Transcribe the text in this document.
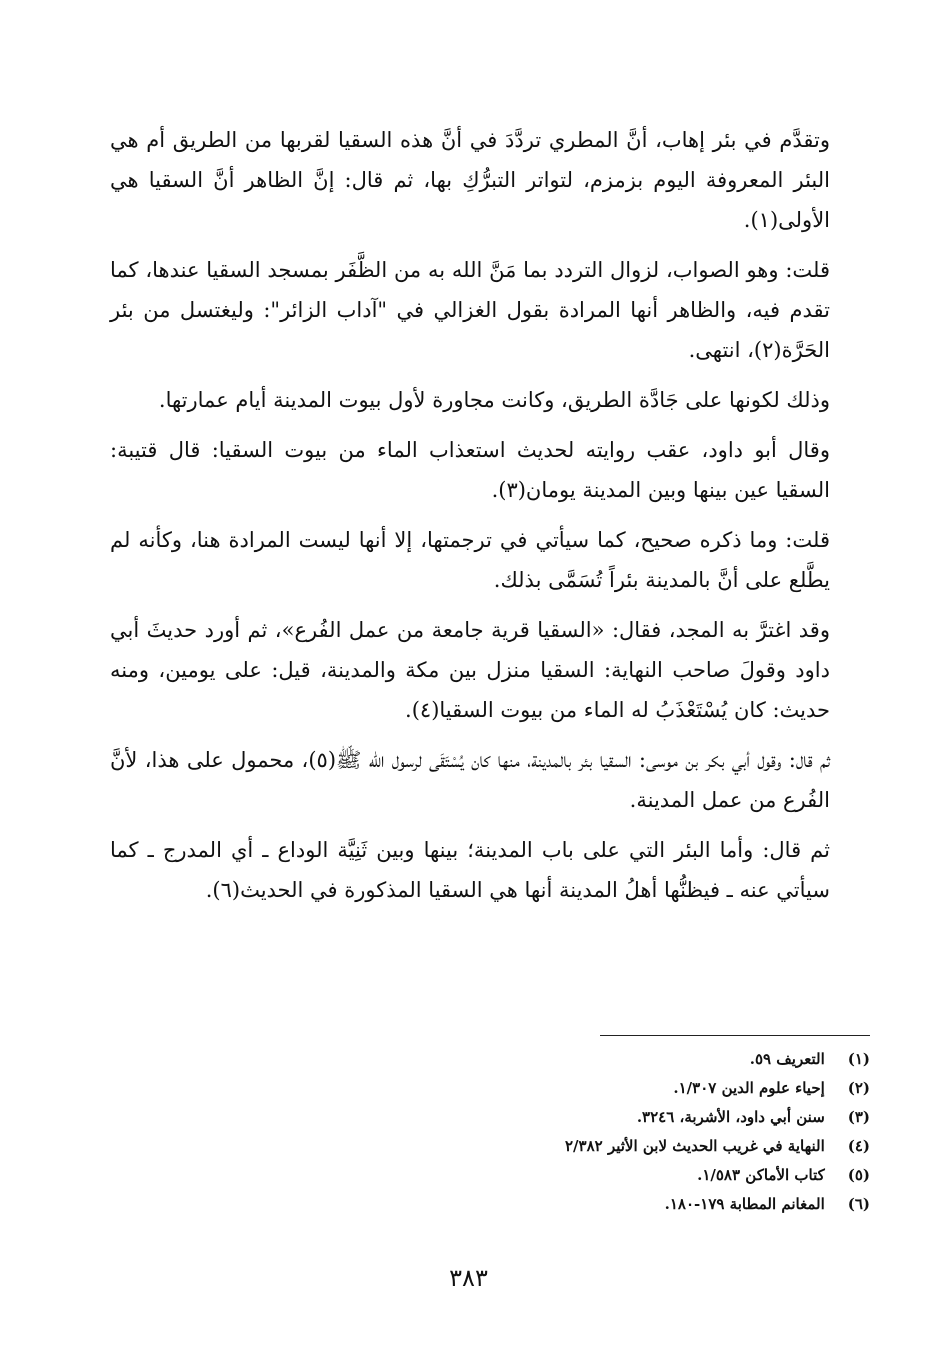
وتقدَّم في بئر إهاب، أنَّ المطري تردَّدَ في أنَّ هذه السقيا لقربها من الطريق أم هي البئر المعروفة اليوم بزمزم، لتواتر التبرُّكِ بها، ثم قال: إنَّ الظاهر أنَّ السقيا هي الأولى(١).

قلت: وهو الصواب، لزوال التردد بما مَنَّ الله به من الظَّفَر بمسجد السقيا عندها، كما تقدم فيه، والظاهر أنها المرادة بقول الغزالي في "آداب الزائر": وليغتسل من بئر الحَرَّة(٢)، انتهى.

وذلك لكونها على جَادَّة الطريق، وكانت مجاورة لأول بيوت المدينة أيام عمارتها.

وقال أبو داود، عقب روايته لحديث استعذاب الماء من بيوت السقيا: قال قتيبة: السقيا عين بينها وبين المدينة يومان(٣).

قلت: وما ذكره صحيح، كما سيأتي في ترجمتها، إلا أنها ليست المرادة هنا، وكأنه لم يطَّلع على أنَّ بالمدينة بئراً تُسَمَّى بذلك.

وقد اغترَّ به المجد، فقال: «السقيا قرية جامعة من عمل الفُرع»، ثم أورد حديثَ أبي داود وقولَ صاحب النهاية: السقيا منزل بين مكة والمدينة، قيل: على يومين، ومنه حديث: كان يُسْتَعْذَبُ له الماء من بيوت السقيا(٤).

ثم قال: وقول أبي بكر بن موسى: السقيا بئر بالمدينة، منها كان يُسْتَقَى لرسول الله ﷺ(٥)، محمول على هذا، لأنَّ الفُرع من عمل المدينة.

ثم قال: وأما البئر التي على باب المدينة؛ بينها وبين ثَنِيَّة الوداع ـ أي المدرج ـ كما سيأتي عنه ـ فيظنُّها أهلُ المدينة أنها هي السقيا المذكورة في الحديث(٦).

(١) التعريف ٥٩.
(٢) إحياء علوم الدين ١/٣٠٧.
(٣) سنن أبي داود، الأشربة، ٣٢٤٦.
(٤) النهاية في غريب الحديث لابن الأثير ٢/٣٨٢
(٥) كتاب الأماكن ١/٥٨٣.
(٦) المغانم المطابة ١٧٩-١٨٠.
٣٨٣
